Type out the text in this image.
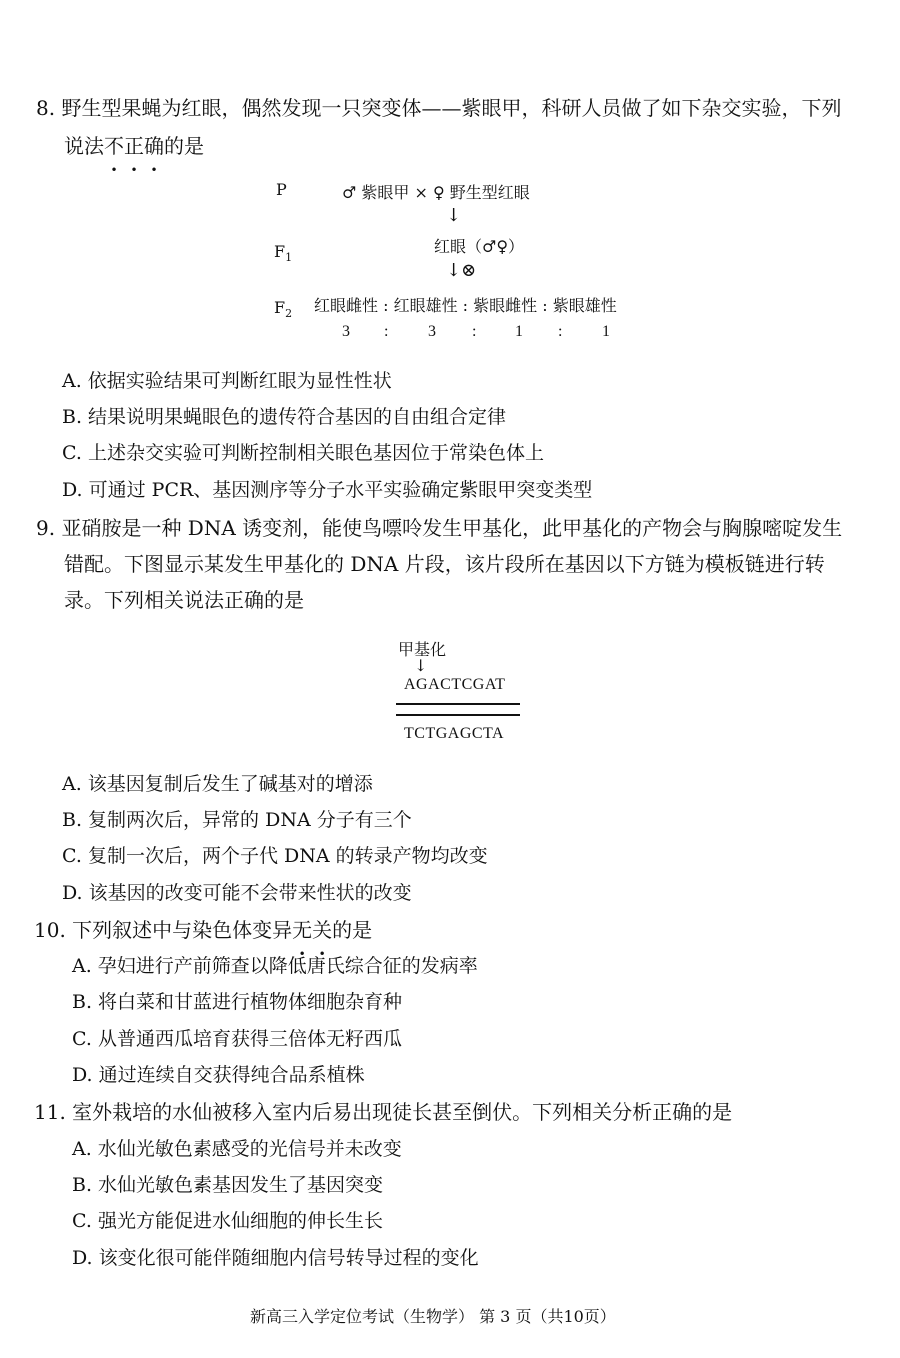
8. 野生型果蝇为红眼，偶然发现一只突变体——紫眼甲，科研人员做了如下杂交实验，下列
说法不正确的是
P	♂ 紫眼甲 × ♀ 野生型红眼
↓
$F_1$
红眼（♂♀）
↓⊗
$F_2$ 红眼雌性 : 红眼雄性 : 紫眼雌性 : 紫眼雄性
3 : 3 : 1 : 1
A. 依据实验结果可判断红眼为显性性状
B. 结果说明果蝇眼色的遗传符合基因的自由组合定律
C. 上述杂交实验可判断控制相关眼色基因位于常染色体上
D. 可通过 PCR、基因测序等分子水平实验确定紫眼甲突变类型
9. 亚硝胺是一种 DNA 诱变剂，能使鸟嘌呤发生甲基化，此甲基化的产物会与胸腺嘧啶发生
错配。下图显示某发生甲基化的 DNA 片段，该片段所在基因以下方链为模板链进行转
录。下列相关说法正确的是
甲基化
↓
AGACTCGAT
TCTGAGCTA
A. 该基因复制后发生了碱基对的增添
B. 复制两次后，异常的 DNA 分子有三个
C. 复制一次后，两个子代 DNA 的转录产物均改变
D. 该基因的改变可能不会带来性状的改变
10. 下列叙述中与染色体变异无关的是
A. 孕妇进行产前筛查以降低唐氏综合征的发病率
B. 将白菜和甘蓝进行植物体细胞杂育种
C. 从普通西瓜培育获得三倍体无籽西瓜
D. 通过连续自交获得纯合品系植株
11. 室外栽培的水仙被移入室内后易出现徒长甚至倒伏。下列相关分析正确的是
A. 水仙光敏色素感受的光信号并未改变
B. 水仙光敏色素基因发生了基因突变
C. 强光方能促进水仙细胞的伸长生长
D. 该变化很可能伴随细胞内信号转导过程的变化
新高三入学定位考试（生物学） 第 3 页（共10页）
